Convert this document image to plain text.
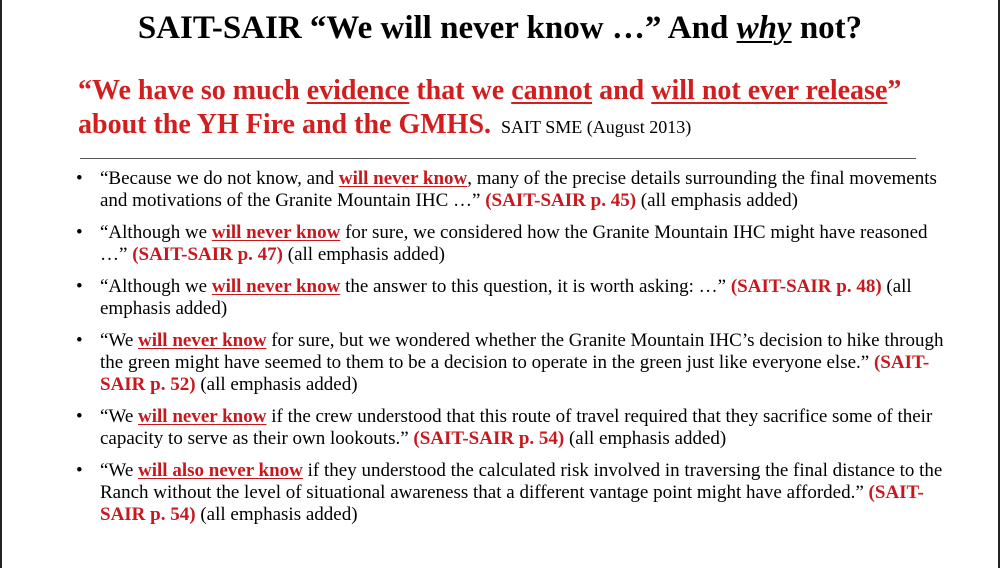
SAIT-SAIR “We will never know …” And why not?
“We have so much evidence that we cannot and will not ever release” about the YH Fire and the GMHS. SAIT SME (August 2013)
• “Because we do not know, and will never know, many of the precise details surrounding the final movements and motivations of the Granite Mountain IHC …” (SAIT-SAIR p. 45) (all emphasis added)
• “Although we will never know for sure, we considered how the Granite Mountain IHC might have reasoned …” (SAIT-SAIR p. 47) (all emphasis added)
• “Although we will never know the answer to this question, it is worth asking: …” (SAIT-SAIR p. 48) (all emphasis added)
• “We will never know for sure, but we wondered whether the Granite Mountain IHC’s decision to hike through the green might have seemed to them to be a decision to operate in the green just like everyone else.” (SAIT-SAIR p. 52) (all emphasis added)
• “We will never know if the crew understood that this route of travel required that they sacrifice some of their capacity to serve as their own lookouts.” (SAIT-SAIR p. 54) (all emphasis added)
• “We will also never know if they understood the calculated risk involved in traversing the final distance to the Ranch without the level of situational awareness that a different vantage point might have afforded.” (SAIT-SAIR p. 54) (all emphasis added)
